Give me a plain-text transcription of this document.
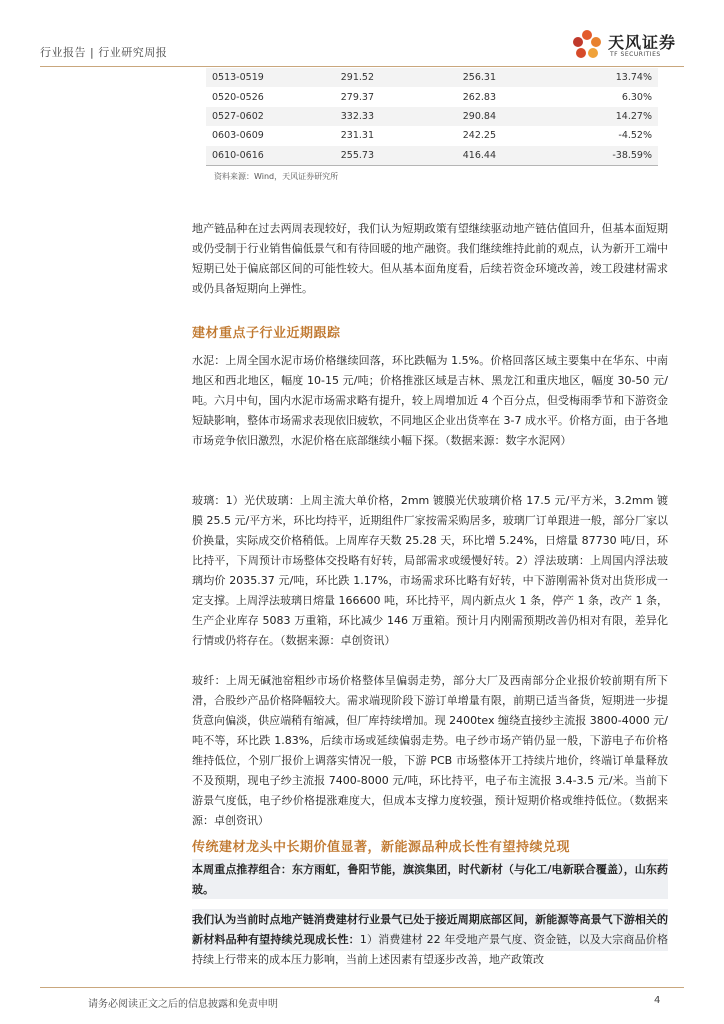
行业报告 | 行业研究周报
天风证券
TF SECURITIES
0513-0519	291.52	256.31	13.74%
0520-0526	279.37	262.83	6.30%
0527-0602	332.33	290.84	14.27%
0603-0609	231.31	242.25	-4.52%
0610-0616	255.73	416.44	-38.59%
资料来源：Wind，天风证券研究所

地产链品种在过去两周表现较好，我们认为短期政策有望继续驱动地产链估值回升，但基本面短期或仍受制于行业销售偏低景气和有待回暖的地产融资。我们继续维持此前的观点，认为新开工端中短期已处于偏底部区间的可能性较大。但从基本面角度看，后续若资金环境改善，竣工段建材需求或仍具备短期向上弹性。

建材重点子行业近期跟踪

水泥：上周全国水泥市场价格继续回落，环比跌幅为 1.5%。价格回落区域主要集中在华东、中南地区和西北地区，幅度 10-15 元/吨；价格推涨区域是吉林、黑龙江和重庆地区，幅度 30-50 元/吨。六月中旬，国内水泥市场需求略有提升，较上周增加近 4 个百分点，但受梅雨季节和下游资金短缺影响，整体市场需求表现依旧疲软，不同地区企业出货率在 3-7 成水平。价格方面，由于各地市场竞争依旧激烈，水泥价格在底部继续小幅下探。（数据来源：数字水泥网）

玻璃：1）光伏玻璃：上周主流大单价格，2mm 镀膜光伏玻璃价格 17.5 元/平方米，3.2mm 镀膜 25.5 元/平方米，环比均持平，近期组件厂家按需采购居多，玻璃厂订单跟进一般，部分厂家以价换量，实际成交价格稍低。上周库存天数 25.28 天，环比增 5.24%，日熔量 87730 吨/日，环比持平，下周预计市场整体交投略有好转，局部需求或缓慢好转。2）浮法玻璃：上周国内浮法玻璃均价 2035.37 元/吨，环比跌 1.17%，市场需求环比略有好转，中下游刚需补货对出货形成一定支撑。上周浮法玻璃日熔量 166600 吨，环比持平，周内新点火 1 条，停产 1 条，改产 1 条，生产企业库存 5083 万重箱，环比减少 146 万重箱。预计月内刚需预期改善仍相对有限，差异化行情或仍将存在。（数据来源：卓创资讯）

玻纤：上周无碱池窑粗纱市场价格整体呈偏弱走势，部分大厂及西南部分企业报价较前期有所下滑，合股纱产品价格降幅较大。需求端现阶段下游订单增量有限，前期已适当备货，短期进一步提货意向偏淡，供应端稍有缩减，但厂库持续增加。现 2400tex 缠绕直接纱主流报 3800-4000 元/吨不等，环比跌 1.83%，后续市场或延续偏弱走势。电子纱市场产销仍显一般，下游电子布价格维持低位，个别厂报价上调落实情况一般，下游 PCB 市场整体开工持续片地价，终端订单量释放不及预期，现电子纱主流报 7400-8000 元/吨，环比持平，电子布主流报 3.4-3.5 元/米。当前下游景气度低，电子纱价格提涨难度大，但成本支撑力度较强，预计短期价格或维持低位。（数据来源：卓创资讯）

传统建材龙头中长期价值显著，新能源品种成长性有望持续兑现

本周重点推荐组合：东方雨虹，鲁阳节能，旗滨集团，时代新材（与化工/电新联合覆盖），山东药玻。

我们认为当前时点地产链消费建材行业景气已处于接近周期底部区间，新能源等高景气下游相关的新材料品种有望持续兑现成长性：1）消费建材 22 年受地产景气度、资金链，以及大宗商品价格持续上行带来的成本压力影响，当前上述因素有望逐步改善，地产政策改

请务必阅读正文之后的信息披露和免责申明	4
